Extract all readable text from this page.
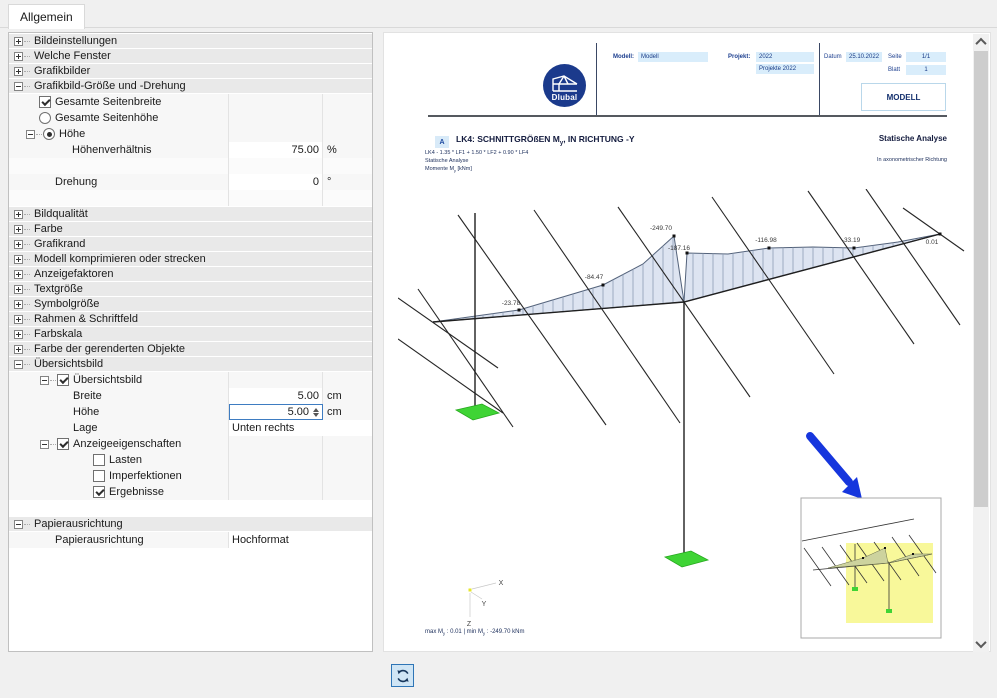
Allgemein
Bildeinstellungen
Welche Fenster
Grafikbilder
Grafikbild-Größe und -Drehung
Gesamte Seitenbreite
Gesamte Seitenhöhe
Höhe
Höhenverhältnis	75.00 %
Drehung	0 °
Bildqualität
Farbe
Grafikrand
Modell komprimieren oder strecken
Anzeigefaktoren
Textgröße
Symbolgröße
Rahmen & Schriftfeld
Farbskala
Farbe der gerenderten Objekte
Übersichtsbild
Übersichtsbild
Breite	5.00 cm
Höhe	5.00	cm
Lage	Unten rechts
Anzeigeeigenschaften
Lasten
Imperfektionen
Ergebnisse
Papierausrichtung
Papierausrichtung	Hochformat
Dlubal
Modell:	Modell	Projekt:	2022
Projekte 2022
Datum	25.10.2022	Seite	1/1
Blatt	1
MODELL
A	LK4: SCHNITTGRÖßEN $M_y$, IN RICHTUNG -Y	Statische Analyse
LK4 - 1.35 * LF1 + 1.50 * LF2 + 0.90 * LF4
Statische Analyse
Momente $M_y$ [kNm]
In axonometrischer Richtung
-23.78
-84.47
-249.70
-187.16
-116.98	-33.19	0.01
X
Y
Z
$\max M_y$ : 0.01 | $\min M_y$ : -249.70 kNm
